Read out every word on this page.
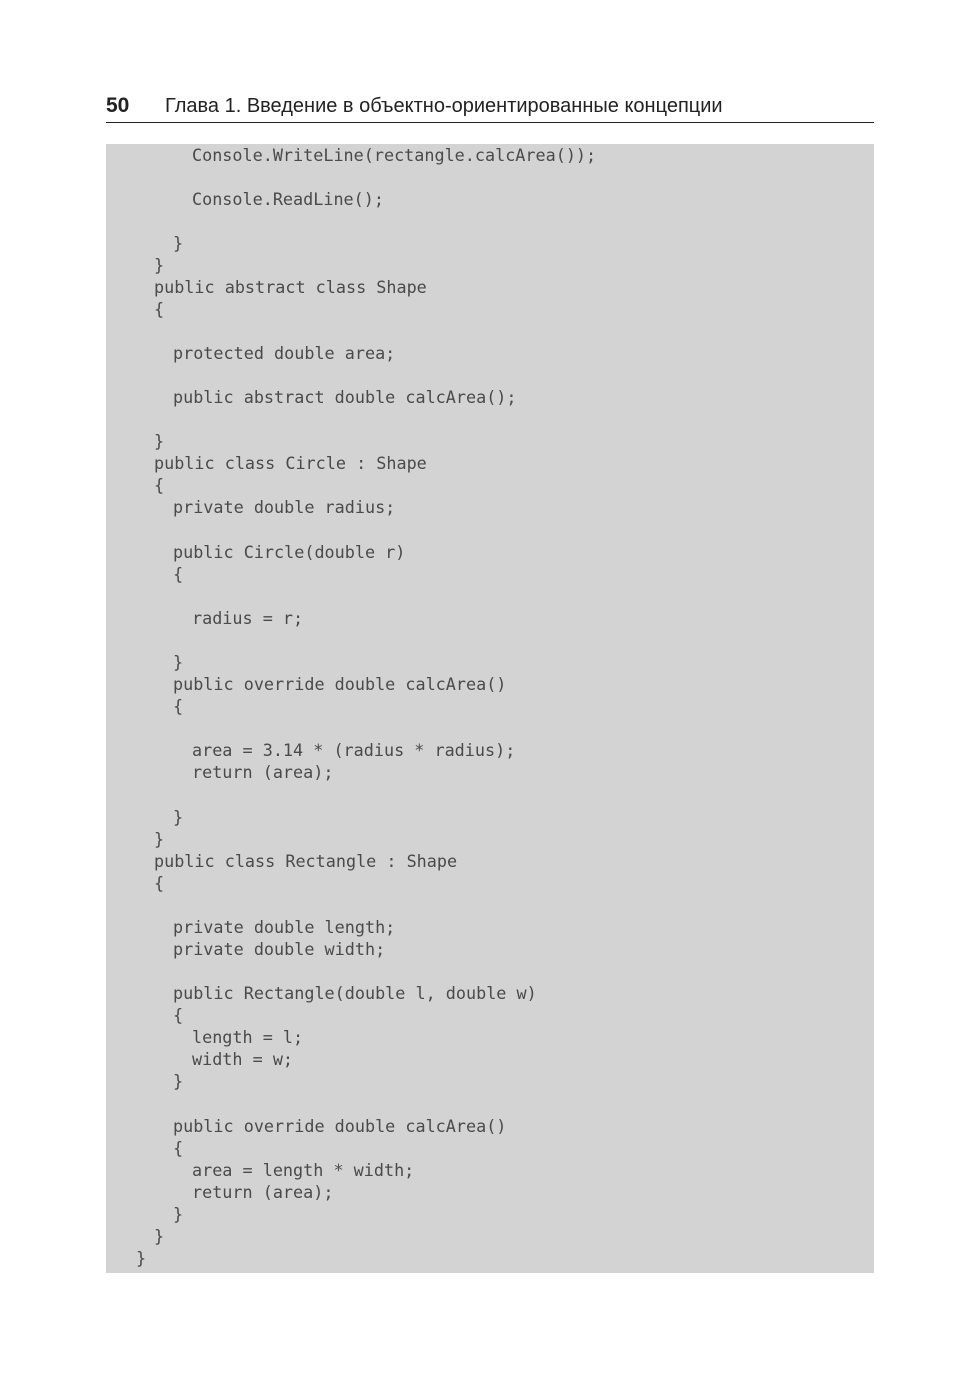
50 Глава 1. Введение в объектно-ориентированные концепции
Console.WriteLine(rectangle.calcArea());
Console.ReadLine();
}
}
public abstract class Shape
{
protected double area;
public abstract double calcArea();
}
public class Circle : Shape
{
private double radius;
public Circle(double r)
{
radius = r;
}
public override double calcArea()
{
area = 3.14 * (radius * radius);
return (area);
}
}
public class Rectangle : Shape
{
private double length;
private double width;
public Rectangle(double l, double w)
{
length = l;
width = w;
}
public override double calcArea()
{
area = length * width;
return (area);
}
}
}
